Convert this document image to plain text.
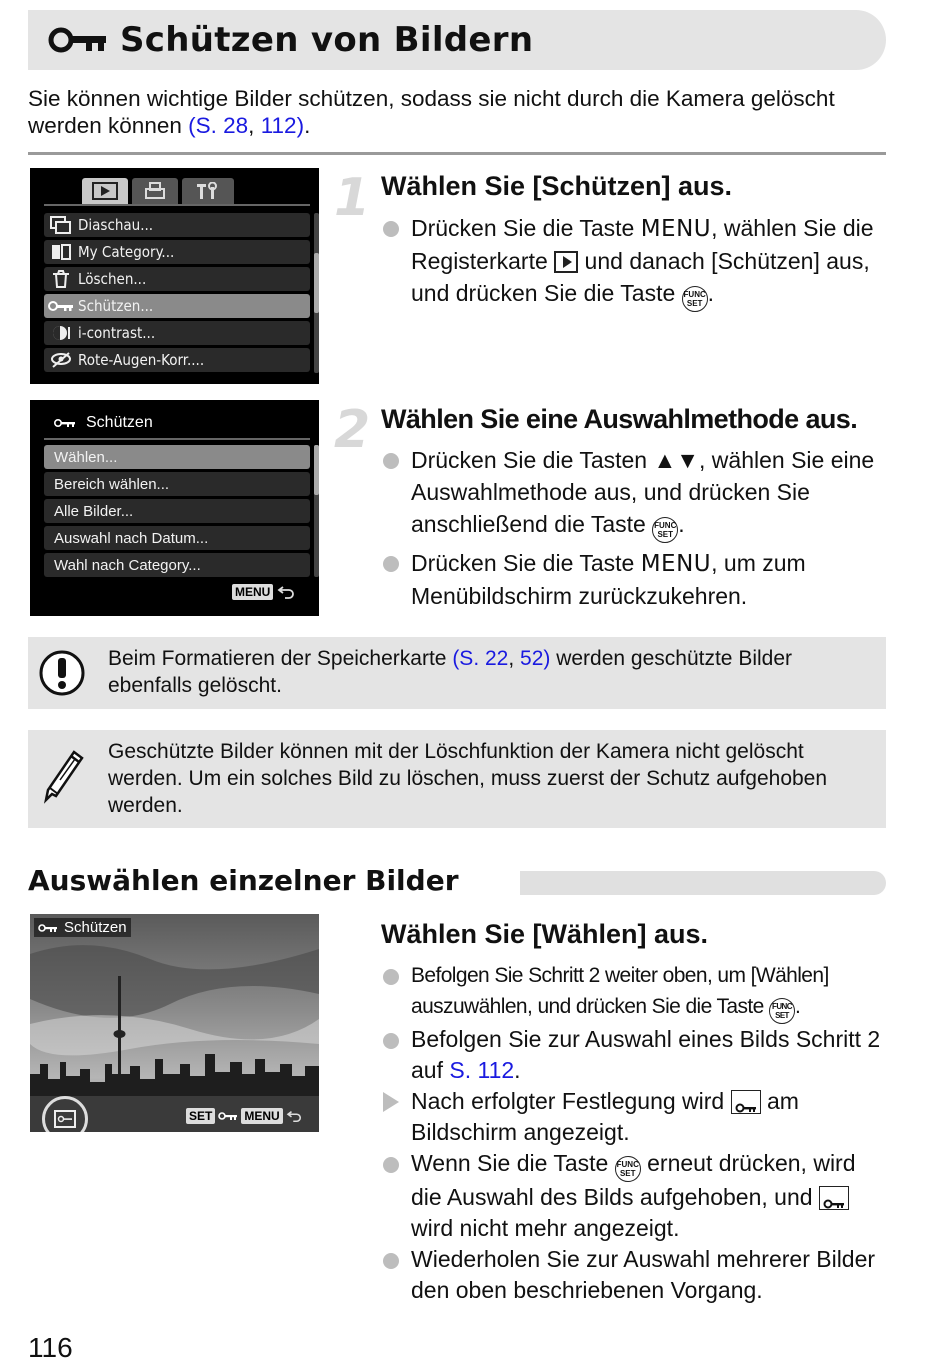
Schützen von Bildern
Sie können wichtige Bilder schützen, sodass sie nicht durch die Kamera gelöscht werden können (S. 28, 112).
Diaschau...
My Category...
Löschen...
Schützen...
i-contrast...
Rote-Augen-Korr....
1 Wählen Sie [Schützen] aus.
Drücken Sie die Taste MENU, wählen Sie die Registerkarte  und danach [Schützen] aus, und drücken Sie die Taste FUNC
SET .
Schützen
Wählen...
Bereich wählen...
Alle Bilder...
Auswahl nach Datum...
Wahl nach Category...
MENU
2 Wählen Sie eine Auswahlmethode aus.
Drücken Sie die Tasten ▲▼, wählen Sie eine Auswahlmethode aus, und drücken Sie anschließend die Taste FUNC
SET .
Drücken Sie die Taste MENU, um zum Menübildschirm zurückzukehren.
Beim Formatieren der Speicherkarte (S. 22, 52) werden geschützte Bilder ebenfalls gelöscht.
Geschützte Bilder können mit der Löschfunktion der Kamera nicht gelöscht werden. Um ein solches Bild zu löschen, muss zuerst der Schutz aufgehoben werden.
Auswählen einzelner Bilder
Schützen
SET	MENU
Wählen Sie [Wählen] aus.
Befolgen Sie Schritt 2 weiter oben, um [Wählen] auszuwählen, und drücken Sie die Taste FUNC
SET .
Befolgen Sie zur Auswahl eines Bilds Schritt 2 auf S. 112.
Nach erfolgter Festlegung wird  am Bildschirm angezeigt.
Wenn Sie die Taste FUNC
SET erneut drücken, wird die Auswahl des Bilds aufgehoben, und  wird nicht mehr angezeigt.
Wiederholen Sie zur Auswahl mehrerer Bilder den oben beschriebenen Vorgang.
116
